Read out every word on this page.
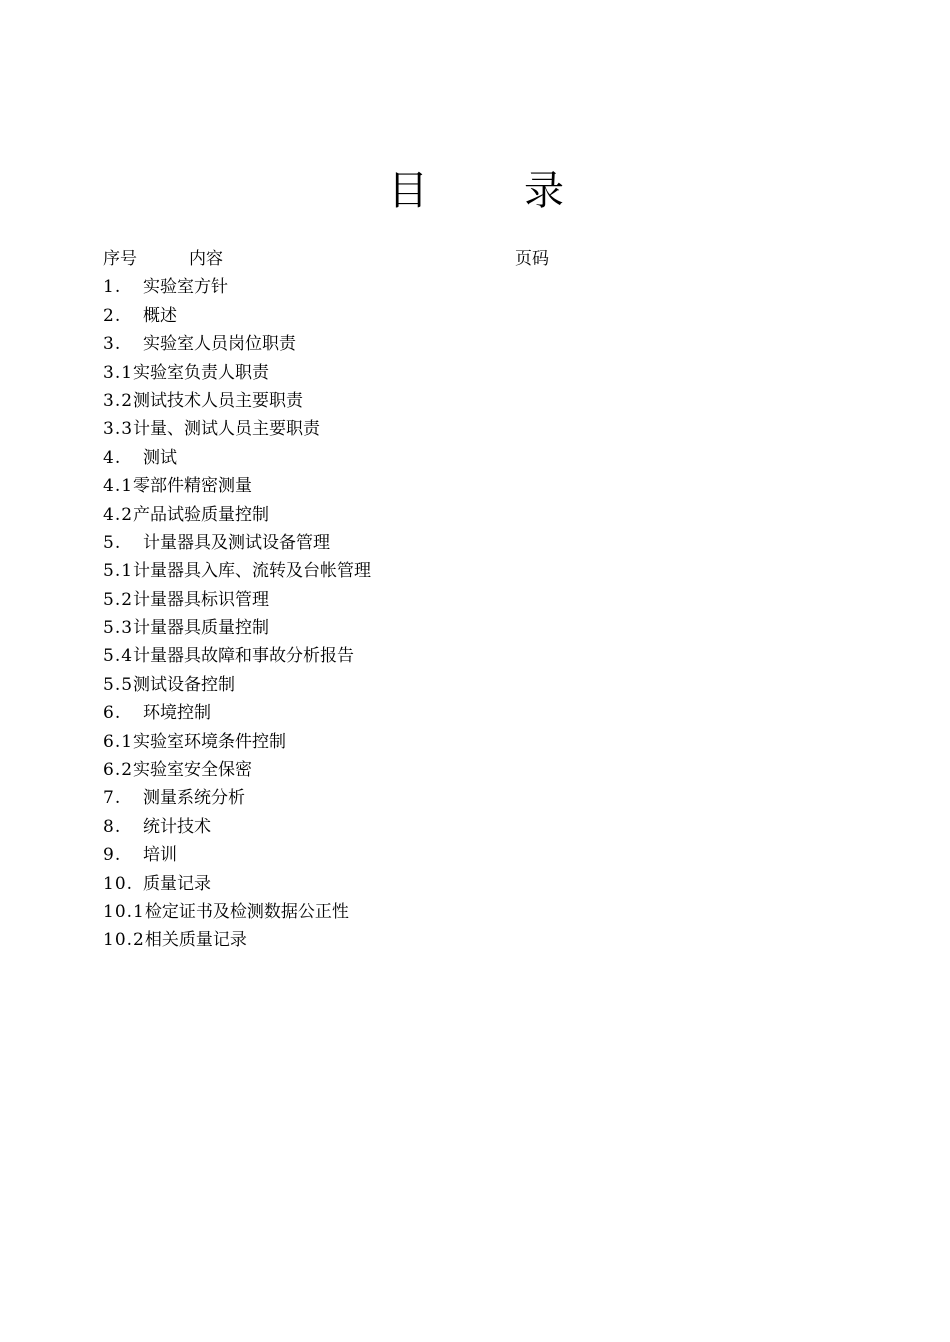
目 录
序号	内容	页码
1. 实验室方针
2. 概述
3. 实验室人员岗位职责
3.1实验室负责人职责
3.2测试技术人员主要职责
3.3计量、测试人员主要职责
4. 测试
4.1零部件精密测量
4.2产品试验质量控制
5. 计量器具及测试设备管理
5.1计量器具入库、流转及台帐管理
5.2计量器具标识管理
5.3计量器具质量控制
5.4计量器具故障和事故分析报告
5.5测试设备控制
6. 环境控制
6.1实验室环境条件控制
6.2实验室安全保密
7. 测量系统分析
8. 统计技术
9. 培训
10. 质量记录
10.1检定证书及检测数据公正性
10.2相关质量记录
